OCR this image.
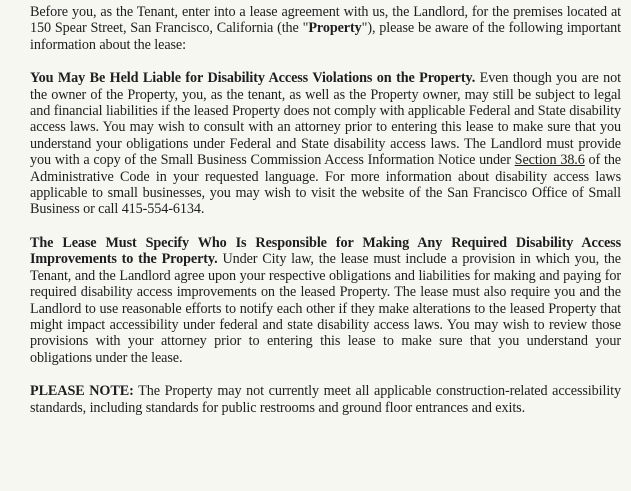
Before you, as the Tenant, enter into a lease agreement with us, the Landlord, for the premises located at 150 Spear Street, San Francisco, California (the "Property"), please be aware of the following important information about the lease:

You May Be Held Liable for Disability Access Violations on the Property. Even though you are not the owner of the Property, you, as the tenant, as well as the Property owner, may still be subject to legal and financial liabilities if the leased Property does not comply with applicable Federal and State disability access laws. You may wish to consult with an attorney prior to entering this lease to make sure that you understand your obligations under Federal and State disability access laws. The Landlord must provide you with a copy of the Small Business Commission Access Information Notice under Section 38.6 of the Administrative Code in your requested language. For more information about disability access laws applicable to small businesses, you may wish to visit the website of the San Francisco Office of Small Business or call 415-554-6134.

The Lease Must Specify Who Is Responsible for Making Any Required Disability Access Improvements to the Property. Under City law, the lease must include a provision in which you, the Tenant, and the Landlord agree upon your respective obligations and liabilities for making and paying for required disability access improvements on the leased Property. The lease must also require you and the Landlord to use reasonable efforts to notify each other if they make alterations to the leased Property that might impact accessibility under federal and state disability access laws. You may wish to review those provisions with your attorney prior to entering this lease to make sure that you understand your obligations under the lease.

PLEASE NOTE: The Property may not currently meet all applicable construction-related accessibility standards, including standards for public restrooms and ground floor entrances and exits.
